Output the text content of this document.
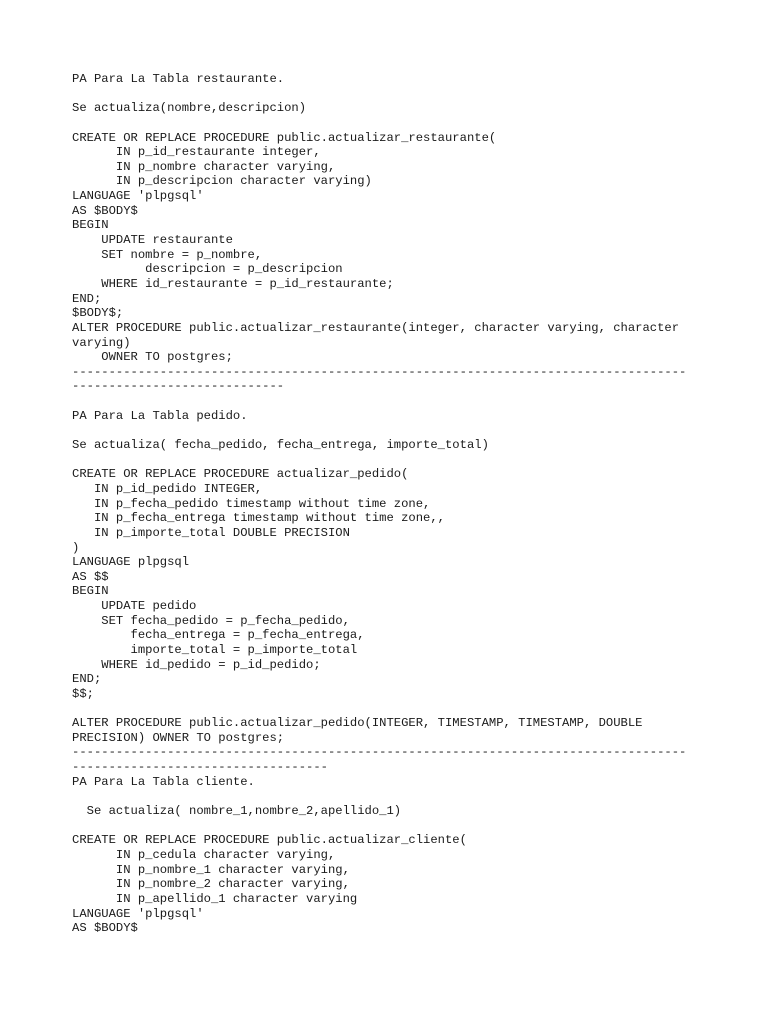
PA Para La Tabla restaurante.
Se actualiza(nombre,descripcion)
CREATE OR REPLACE PROCEDURE public.actualizar_restaurante(
IN p_id_restaurante integer,
IN p_nombre character varying,
IN p_descripcion character varying)
LANGUAGE 'plpgsql'
AS $BODY$
BEGIN
UPDATE restaurante
SET nombre = p_nombre,
descripcion = p_descripcion
WHERE id_restaurante = p_id_restaurante;
END;
$BODY$;
ALTER PROCEDURE public.actualizar_restaurante(integer, character varying, character
varying)
OWNER TO postgres;
------------------------------------------------------------------------------------
-----------------------------
PA Para La Tabla pedido.
Se actualiza( fecha_pedido, fecha_entrega, importe_total)
CREATE OR REPLACE PROCEDURE actualizar_pedido(
IN p_id_pedido INTEGER,
IN p_fecha_pedido timestamp without time zone,
IN p_fecha_entrega timestamp without time zone,,
IN p_importe_total DOUBLE PRECISION
)
LANGUAGE plpgsql
AS $$
BEGIN
UPDATE pedido
SET fecha_pedido = p_fecha_pedido,
fecha_entrega = p_fecha_entrega,
importe_total = p_importe_total
WHERE id_pedido = p_id_pedido;
END;
$$;
ALTER PROCEDURE public.actualizar_pedido(INTEGER, TIMESTAMP, TIMESTAMP, DOUBLE
PRECISION) OWNER TO postgres;
------------------------------------------------------------------------------------
-----------------------------------
PA Para La Tabla cliente.
Se actualiza( nombre_1,nombre_2,apellido_1)
CREATE OR REPLACE PROCEDURE public.actualizar_cliente(
IN p_cedula character varying,
IN p_nombre_1 character varying,
IN p_nombre_2 character varying,
IN p_apellido_1 character varying
LANGUAGE 'plpgsql'
AS $BODY$
